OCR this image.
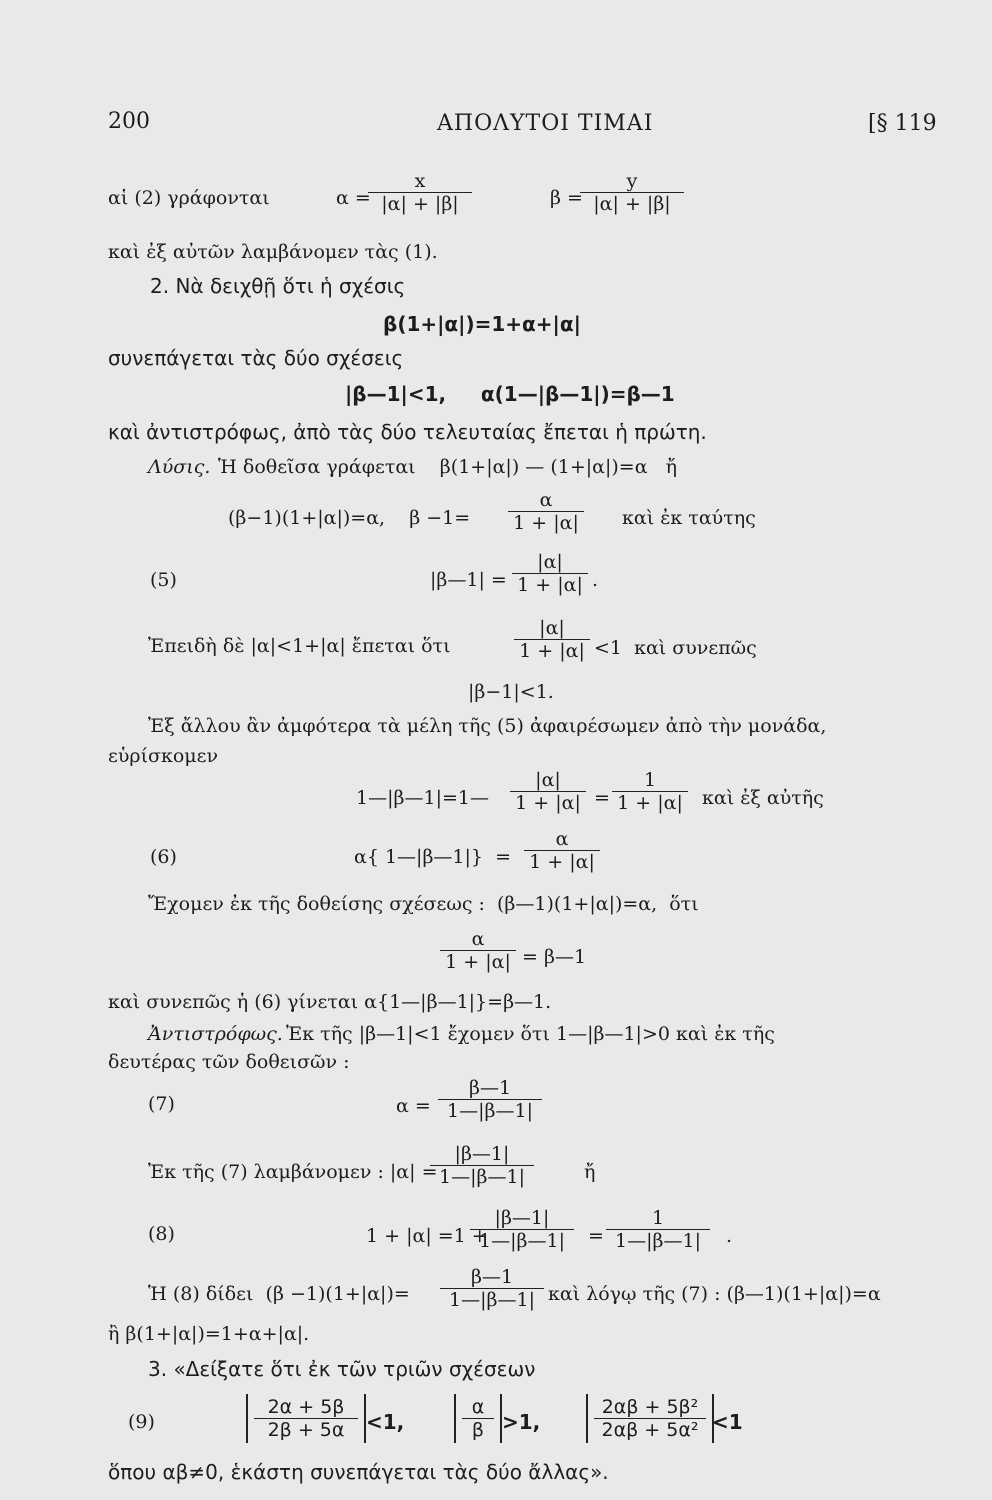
200	ΑΠΟΛΥΤΟΙ ΤΙΜΑΙ	[§ 119
αἱ (2) γράφονται	α =
$\frac{x}{|\alpha| + |\beta|}$	β =
$\frac{y}{|\alpha| + |\beta|}$
καὶ ἐξ αὐτῶν λαμβάνομεν τὰς (1).
2. Νὰ δειχθῇ ὅτι ἡ σχέσις
β(1+|α|)=1+α+|α|
συνεπάγεται τὰς δύο σχέσεις
|β—1|<1,     α(1—|β—1|)=β—1
καὶ ἀντιστρόφως, ἀπὸ τὰς δύο τελευταίας ἔπεται ἡ πρώτη.
Λύσις. Ἡ δοθεῖσα γράφεται    β(1+|α|) — (1+|α|)=α   ἤ
(β−1)(1+|α|)=α,    $\beta -1= \frac{\alpha}{1 + |\alpha|}$ καὶ ἐκ ταύτης
(5)	|β—1| = $\frac{|\alpha|}{1 + |\alpha|}$ .
Ἐπειδὴ δὲ |α|<1+|α| ἔπεται ὅτι	$\frac{|\alpha|}{1 + |\alpha|} <1$  καὶ συνεπῶς
|β−1|<1.
Ἐξ ἄλλου ἂν ἀμφότερα τὰ μέλη τῆς (5) ἀφαιρέσωμεν ἀπὸ τὴν μονάδα,
εὑρίσκομεν
1—|β—1|=1— $\frac{|\alpha|}{1 + |\alpha|} = \frac{1}{1 + |\alpha|}$ καὶ ἐξ αὐτῆς
(6)	α{ 1—|β—1|}  = $\frac{\alpha}{1 + |\alpha|}$
Ἔχομεν ἐκ τῆς δοθείσης σχέσεως :  (β—1)(1+|α|)=α,  ὅτι
$\frac{\alpha}{1 + |\alpha|}$ = β—1
καὶ συνεπῶς ἡ (6) γίνεται α{1—|β—1|}=β—1.
Ἀντιστρόφως. Ἐκ τῆς |β—1|<1 ἔχομεν ὅτι 1—|β—1|>0 καὶ ἐκ τῆς
δευτέρας τῶν δοθεισῶν :
(7)	$\alpha = \frac{\beta—1}{1—|\beta—1|}$
Ἐκ τῆς (7) λαμβάνομεν : |α| =
$\frac{|\beta—1|}{1—|\beta—1|}$	ἤ
(8)	1 + |α| =1 +
$\frac{|\beta—1|}{1—|\beta—1|} = \frac{1}{1—|\beta—1|}$ .
Ἡ (8) δίδει  $(\beta -1)(1+|\alpha|)= \frac{\beta—1}{1—|\beta—1|}$ καὶ λόγῳ τῆς (7) : (β—1)(1+|α|)=α
ἢ β(1+|α|)=1+α+|α|.
3. «Δείξατε ὅτι ἐκ τῶν τριῶν σχέσεων
(9)	$\frac{2\alpha + 5\beta}{2\beta + 5\alpha} <1$,	$\frac{\alpha}{\beta} >1$, $\frac{\text{2αβ + 5β²}}{\text{2αβ + 5α²}}$
<1
ὅπου αβ≠0, ἑκάστη συνεπάγεται τὰς δύο ἄλλας».
